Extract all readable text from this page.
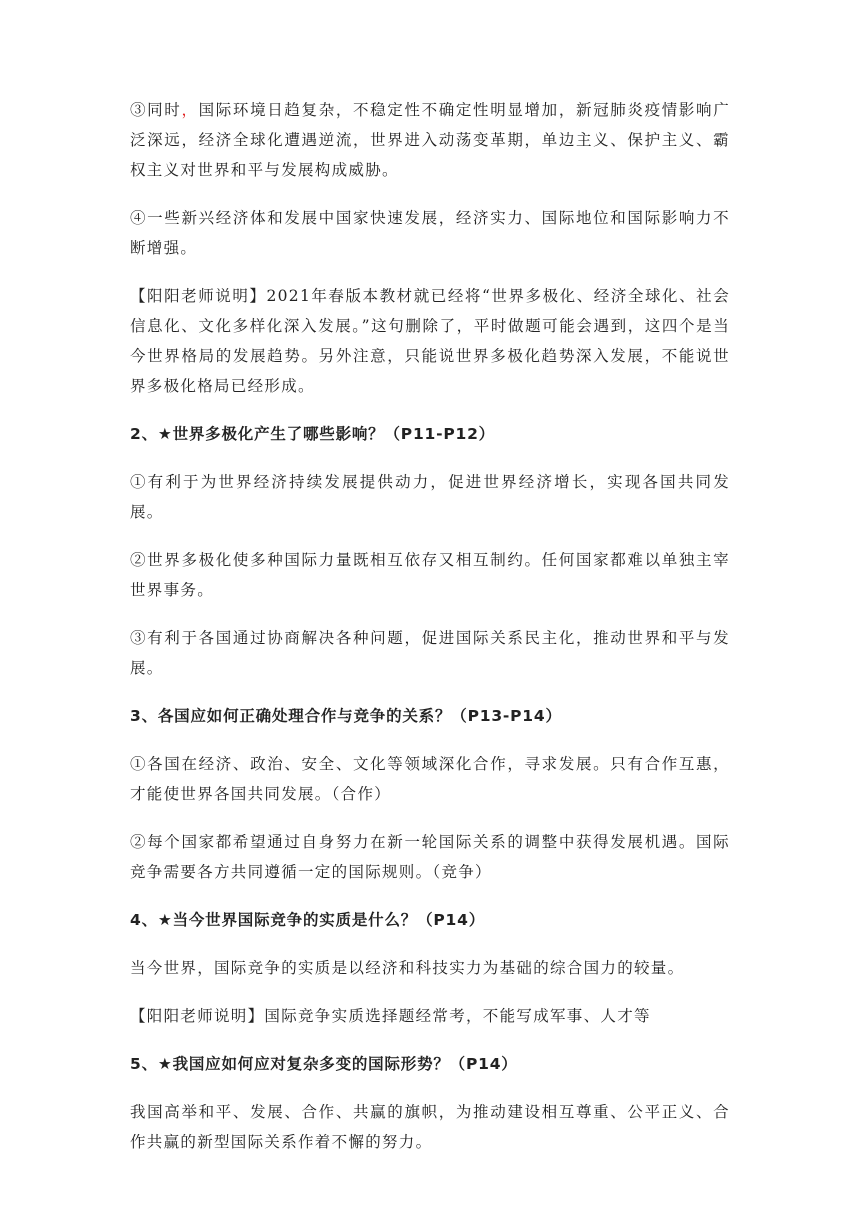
③同时，国际环境日趋复杂，不稳定性不确定性明显增加，新冠肺炎疫情影响广泛深远，经济全球化遭遇逆流，世界进入动荡变革期，单边主义、保护主义、霸权主义对世界和平与发展构成威胁。

④一些新兴经济体和发展中国家快速发展，经济实力、国际地位和国际影响力不断增强。

【阳阳老师说明】2021年春版本教材就已经将“世界多极化、经济全球化、社会信息化、文化多样化深入发展。”这句删除了，平时做题可能会遇到，这四个是当今世界格局的发展趋势。另外注意，只能说世界多极化趋势深入发展，不能说世界多极化格局已经形成。

2、★世界多极化产生了哪些影响？（P11-P12）

①有利于为世界经济持续发展提供动力，促进世界经济增长，实现各国共同发展。

②世界多极化使多种国际力量既相互依存又相互制约。任何国家都难以单独主宰世界事务。

③有利于各国通过协商解决各种问题，促进国际关系民主化，推动世界和平与发展。

3、各国应如何正确处理合作与竞争的关系？（P13-P14）

①各国在经济、政治、安全、文化等领域深化合作，寻求发展。只有合作互惠，才能使世界各国共同发展。（合作）

②每个国家都希望通过自身努力在新一轮国际关系的调整中获得发展机遇。国际竞争需要各方共同遵循一定的国际规则。（竞争）

4、★当今世界国际竞争的实质是什么？（P14）

当今世界，国际竞争的实质是以经济和科技实力为基础的综合国力的较量。

【阳阳老师说明】国际竞争实质选择题经常考，不能写成军事、人才等

5、★我国应如何应对复杂多变的国际形势？（P14）

我国高举和平、发展、合作、共赢的旗帜，为推动建设相互尊重、公平正义、合作共赢的新型国际关系作着不懈的努力。
